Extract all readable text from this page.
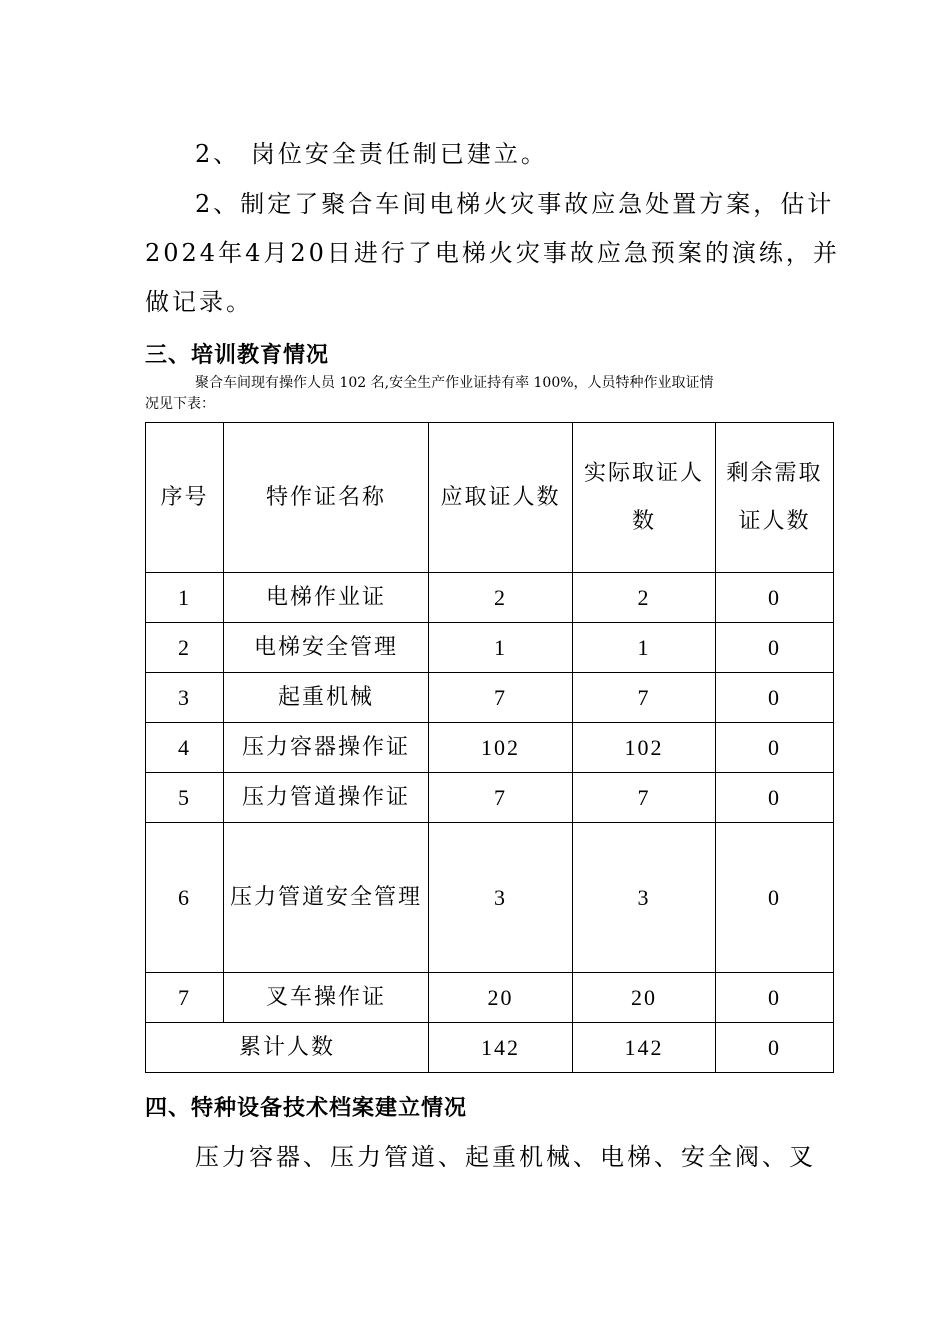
2、 岗位安全责任制已建立。

2、制定了聚合车间电梯火灾事故应急处置方案，估计

2024年4月20日进行了电梯火灾事故应急预案的演练，并

做记录。

三、培训教育情况

聚合车间现有操作人员 102 名,安全生产作业证持有率 100%，人员特种作业取证情
况见下表：

序号	特作证名称	应取证人数	实际取证人数	剩余需取证人数
1	电梯作业证	2	2	0
2	电梯安全管理	1	1	0
3	起重机械	7	7	0
4	压力容器操作证	102	102	0
5	压力管道操作证	7	7	0
6	压力管道安全管理	3	3	0
7	叉车操作证	20	20	0
累计人数		142	142	0
四、特种设备技术档案建立情况

压力容器、压力管道、起重机械、电梯、安全阀、叉
